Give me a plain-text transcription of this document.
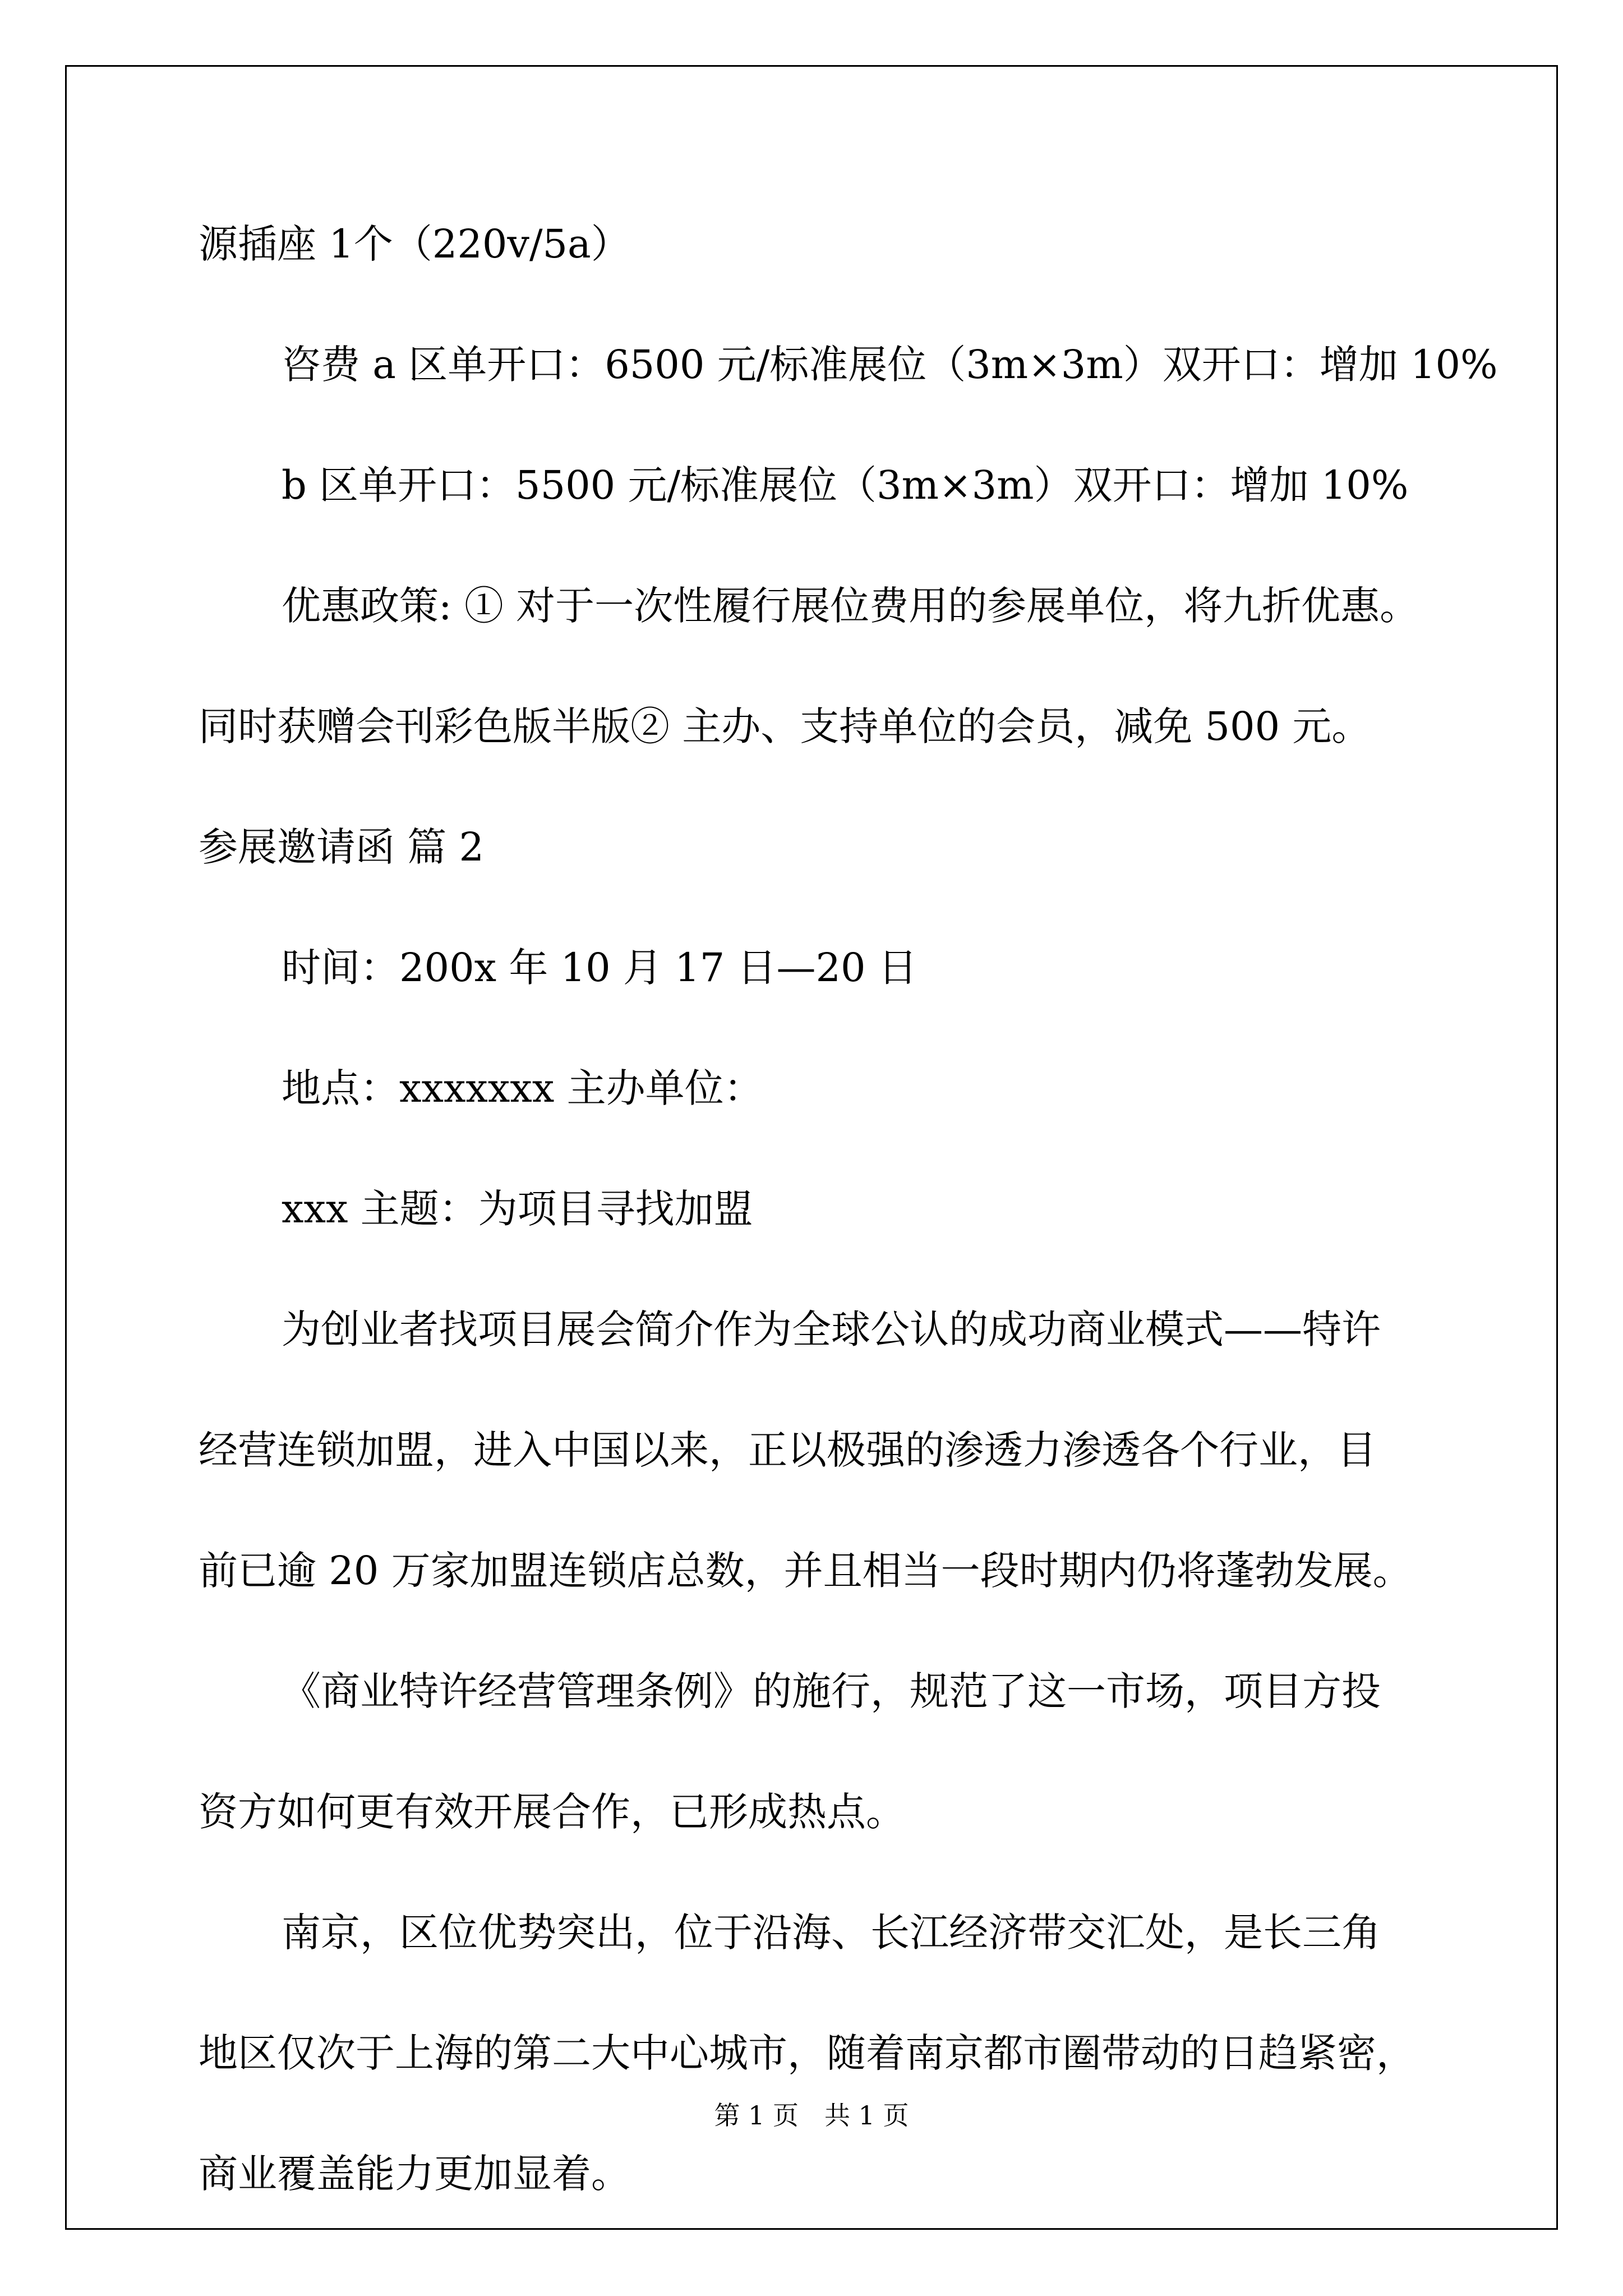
源插座 1个（220v/5a）
咨费 a 区单开口：6500 元/标准展位（3m×3m）双开口：增加 10%
b 区单开口：5500 元/标准展位（3m×3m）双开口：增加 10%
优惠政策: ① 对于一次性履行展位费用的参展单位，将九折优惠。
同时获赠会刊彩色版半版② 主办、支持单位的会员，减免 500 元。
参展邀请函 篇 2
时间：200x 年 10 月 17 日—20 日
地点：xxxxxxx 主办单位：
xxx 主题：为项目寻找加盟
为创业者找项目展会简介作为全球公认的成功商业模式——特许
经营连锁加盟，进入中国以来，正以极强的渗透力渗透各个行业，目
前已逾 20 万家加盟连锁店总数，并且相当一段时期内仍将蓬勃发展。
《商业特许经营管理条例》的施行，规范了这一市场，项目方投
资方如何更有效开展合作，已形成热点。
南京，区位优势突出，位于沿海、长江经济带交汇处，是长三角
地区仅次于上海的第二大中心城市，随着南京都市圈带动的日趋紧密，
商业覆盖能力更加显着。
第 1 页　共 1 页
